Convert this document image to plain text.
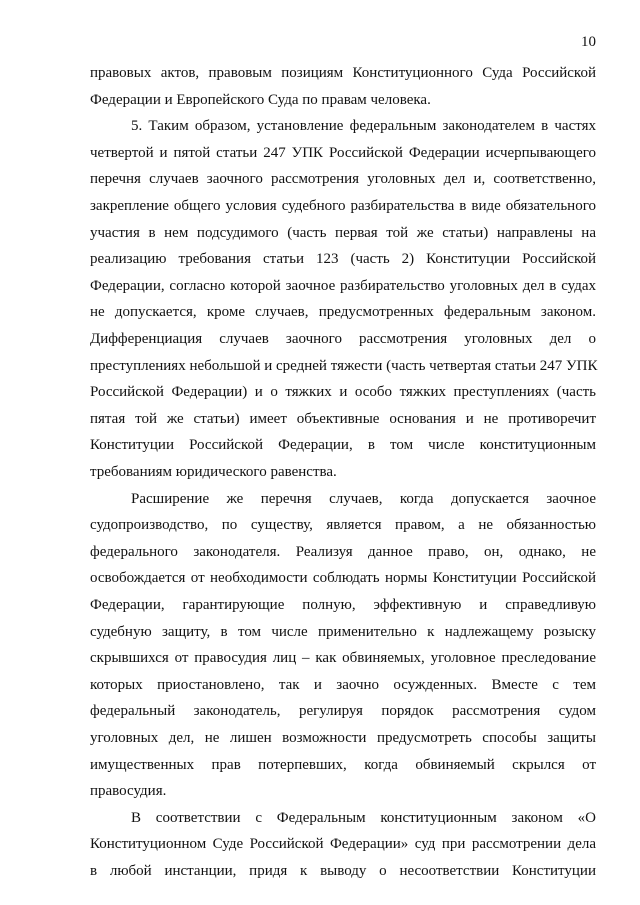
10
правовых актов, правовым позициям Конституционного Суда Российской
Федерации и Европейского Суда по правам человека.
5. Таким образом, установление федеральным законодателем в частях
четвертой и пятой статьи 247 УПК Российской Федерации исчерпывающего
перечня случаев заочного рассмотрения уголовных дел и, соответственно,
закрепление общего условия судебного разбирательства в виде обязательного
участия в нем подсудимого (часть первая той же статьи) направлены на
реализацию требования статьи 123 (часть 2) Конституции Российской
Федерации, согласно которой заочное разбирательство уголовных дел в судах
не допускается, кроме случаев, предусмотренных федеральным законом.
Дифференциация случаев заочного рассмотрения уголовных дел о
преступлениях небольшой и средней тяжести (часть четвертая статьи 247 УПК
Российской Федерации) и о тяжких и особо тяжких преступлениях (часть
пятая той же статьи) имеет объективные основания и не противоречит
Конституции Российской Федерации, в том числе конституционным
требованиям юридического равенства.
Расширение же перечня случаев, когда допускается заочное
судопроизводство, по существу, является правом, а не обязанностью
федерального законодателя. Реализуя данное право, он, однако, не
освобождается от необходимости соблюдать нормы Конституции Российской
Федерации, гарантирующие полную, эффективную и справедливую
судебную защиту, в том числе применительно к надлежащему розыску
скрывшихся от правосудия лиц – как обвиняемых, уголовное преследование
которых приостановлено, так и заочно осужденных. Вместе с тем
федеральный законодатель, регулируя порядок рассмотрения судом
уголовных дел, не лишен возможности предусмотреть способы защиты
имущественных прав потерпевших, когда обвиняемый скрылся от
правосудия.
В соответствии с Федеральным конституционным законом «О
Конституционном Суде Российской Федерации» суд при рассмотрении дела
в любой инстанции, придя к выводу о несоответствии Конституции
